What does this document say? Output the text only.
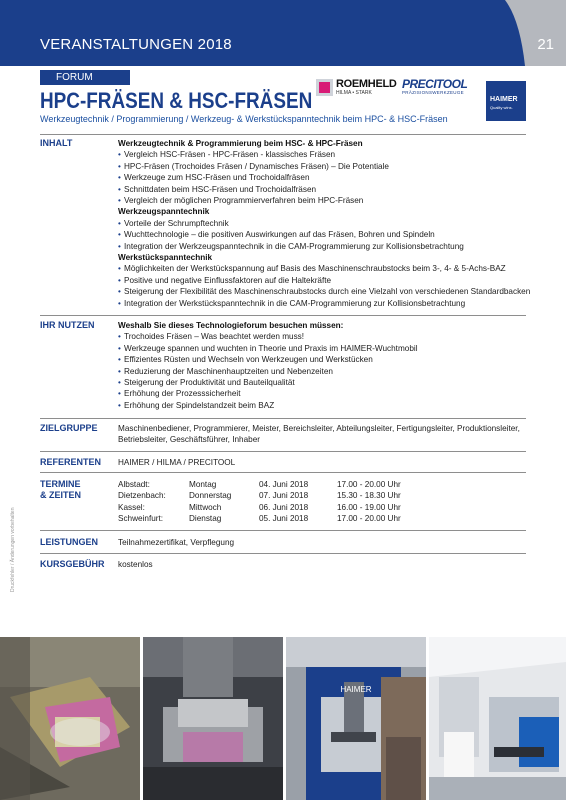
VERANSTALTUNGEN 2018	21
FORUM
HPC-FRÄSEN & HSC-FRÄSEN
Werkzeugtechnik / Programmierung / Werkzeug- & Werkstückspanntechnik beim HPC- & HSC-Fräsen
ROEMHELD
HILMA • STARK
PRECITOOL
PRÄZISIONSWERKZEUGE
HAIMER
Quality wins.
INHALT	Werkzeugtechnik & Programmierung beim HSC- & HPC-Fräsen
• Vergleich HSC-Fräsen - HPC-Fräsen - klassisches Fräsen
• HPC-Fräsen (Trochoides Fräsen / Dynamisches Fräsen) – Die Potentiale
• Werkzeuge zum HSC-Fräsen und Trochoidalfräsen
• Schnittdaten beim HSC-Fräsen und Trochoidalfräsen
• Vergleich der möglichen Programmierverfahren beim HPC-Fräsen
Werkzeugspanntechnik
• Vorteile der Schrumpftechnik
• Wuchttechnologie – die positiven Auswirkungen auf das Fräsen, Bohren und Spindeln
• Integration der Werkzeugspanntechnik in die CAM-Programmierung zur Kollisionsbetrachtung
Werkstückspanntechnik
• Möglichkeiten der Werkstückspannung auf Basis des Maschinenschraubstocks beim 3-, 4- & 5-Achs-BAZ
• Positive und negative Einflussfaktoren auf die Haltekräfte
• Steigerung der Flexibilität des Maschinenschraubstocks durch eine Vielzahl von verschiedenen Standardbacken
• Integration der Werkstückspanntechnik in die CAM-Programmierung zur Kollisionsbetrachtung
IHR NUTZEN	Weshalb Sie dieses Technologieforum besuchen müssen:
• Trochoides Fräsen – Was beachtet werden muss!
• Werkzeuge spannen und wuchten in Theorie und Praxis im HAIMER-Wuchtmobil
• Effizientes Rüsten und Wechseln von Werkzeugen und Werkstücken
• Reduzierung der Maschinenhauptzeiten und Nebenzeiten
• Steigerung der Produktivität und Bauteilqualität
• Erhöhung der Prozesssicherheit
• Erhöhung der Spindelstandzeit beim BAZ
ZIELGRUPPE Maschinenbediener, Programmierer, Meister, Bereichsleiter, Abteilungsleiter, Fertigungsleiter, Produktionsleiter, Betriebsleiter, Geschäftsführer, Inhaber
REFERENTEN HAIMER / HILMA / PRECITOOL
TERMINE
& ZEITEN
Albstadt:	Montag	04. Juni 2018	17.00 - 20.00 Uhr
Dietzenbach:	Donnerstag	07. Juni 2018	15.30 - 18.30 Uhr
Kassel:	Mittwoch	06. Juni 2018	16.00 - 19.00 Uhr
Schweinfurt:	Dienstag	05. Juni 2018	17.00 - 20.00 Uhr
LEISTUNGEN Teilnahmezertifikat, Verpflegung
KURSGEBÜHR kostenlos
Druckfehler / Änderungen vorbehalten
HAIMER
